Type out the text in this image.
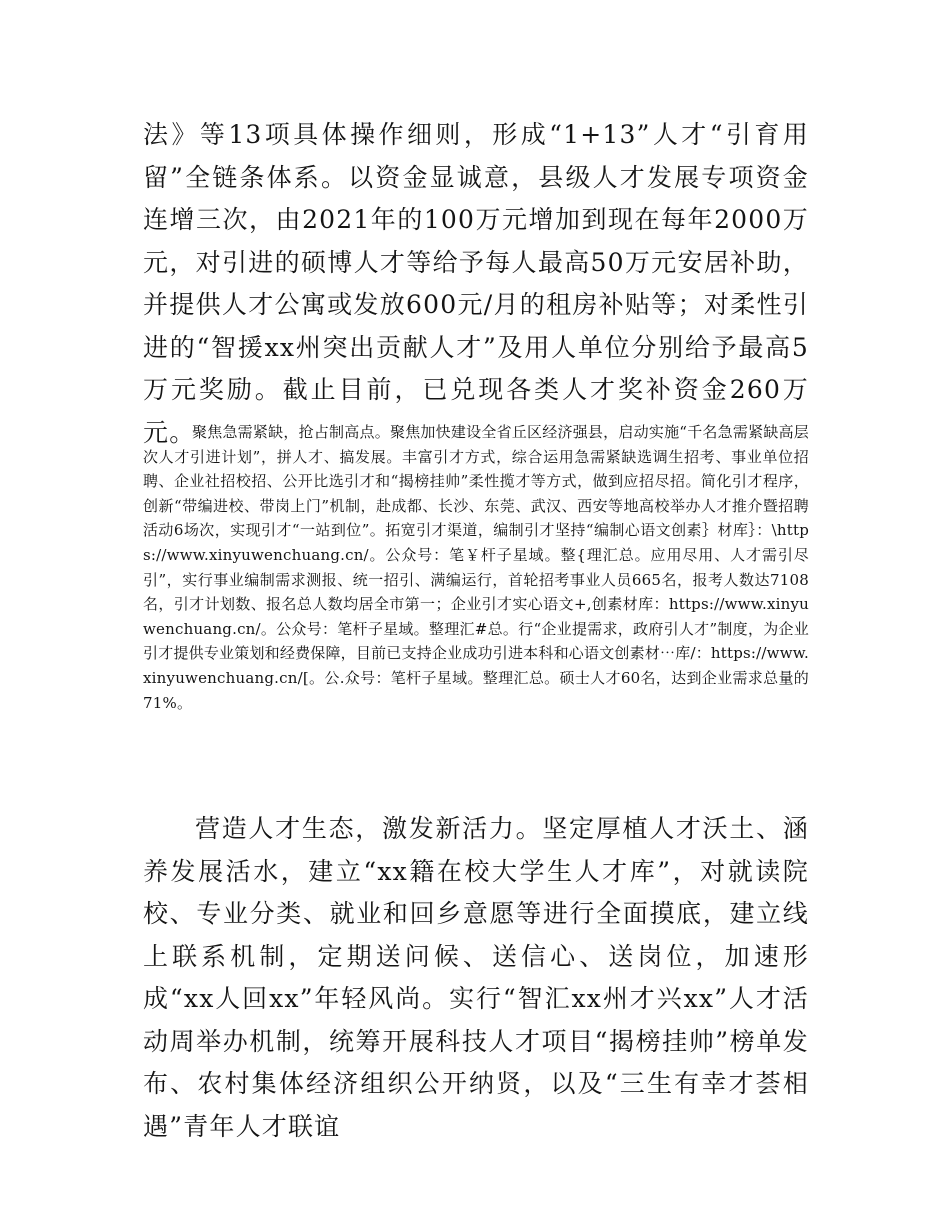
法》等13项具体操作细则，形成“1+13”人才“引育用留”全链条体系。以资金显诚意，县级人才发展专项资金连增三次，由2021年的100万元增加到现在每年2000万元，对引进的硕博人才等给予每人最高50万元安居补助，并提供人才公寓或发放600元/月的租房补贴等；对柔性引进的“智援xx州突出贡献人才”及用人单位分别给予最高5万元奖励。截止目前，已兑现各类人才奖补资金260万元。

聚焦急需紧缺，抢占制高点。聚焦加快建设全省丘区经济强县，启动实施“千名急需紧缺高层次人才引进计划”，拼人才、搞发展。丰富引才方式，综合运用急需紧缺选调生招考、事业单位招聘、企业社招校招、公开比选引才和“揭榜挂帅”柔性揽才等方式，做到应招尽招。简化引才程序，创新“带编进校、带岗上门”机制，赴成都、长沙、东莞、武汉、西安等地高校举办人才推介暨招聘活动6场次，实现引才“一站到位”。拓宽引才渠道，编制引才坚持“编制心语文创素｝材库｝：\https://www.xinyuwenchuang.cn/。公众号：笔￥杆子星域。整{理汇总。应用尽用、人才需引尽引”，实行事业编制需求测报、统一招引、满编运行，首轮招考事业人员665名，报考人数达7108名，引才计划数、报名总人数均居全市第一；企业引才实心语文+,创素材库：https://www.xinyuwenchuang.cn/。公众号：笔杆子星域。整理汇#总。行“企业提需求，政府引人才”制度，为企业引才提供专业策划和经费保障，目前已支持企业成功引进本科和心语文创素材⋯库/：https://www.xinyuwenchuang.cn/[。公.众号：笔杆子星域。整理汇总。硕士人才60名，达到企业需求总量的71%。

营造人才生态，激发新活力。坚定厚植人才沃土、涵养发展活水，建立“xx籍在校大学生人才库”，对就读院校、专业分类、就业和回乡意愿等进行全面摸底，建立线上联系机制，定期送问候、送信心、送岗位，加速形成“xx人回xx”年轻风尚。实行“智汇xx州才兴xx”人才活动周举办机制，统筹开展科技人才项目“揭榜挂帅”榜单发布、农村集体经济组织公开纳贤，以及“三生有幸才荟相遇”青年人才联谊
